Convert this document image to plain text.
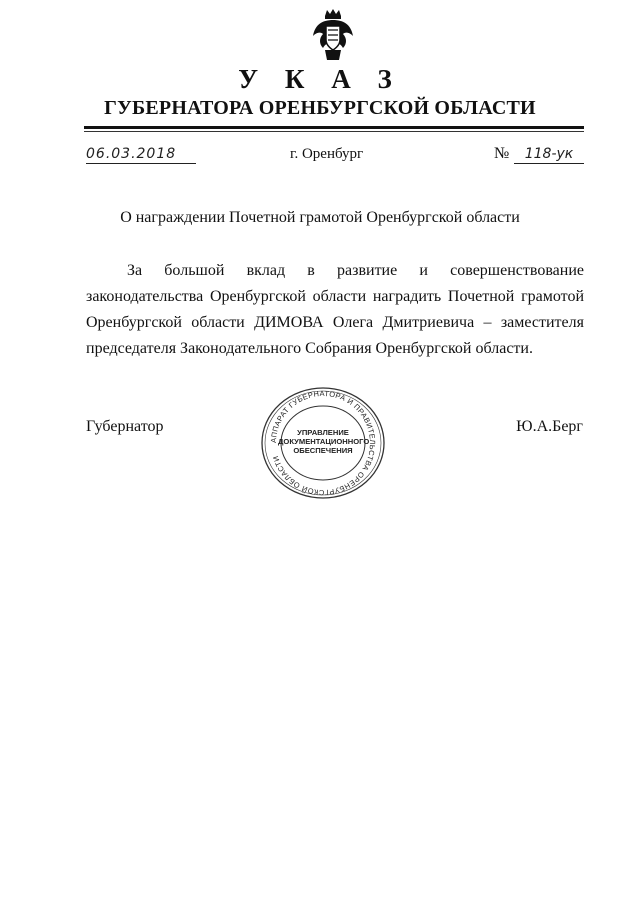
У К А З
ГУБЕРНАТОРА ОРЕНБУРГСКОЙ ОБЛАСТИ
06.03.2018	г. Оренбург	№	118-ук
О награждении Почетной грамотой Оренбургской области

За большой вклад в развитие и совершенствование законодательства Оренбургской области наградить Почетной грамотой Оренбургской области ДИМОВА Олега Дмитриевича – заместителя председателя Законодательного Собрания Оренбургской области.

Губернатор	Ю.А.Берг
АППАРАТ ГУБЕРНАТОРА И ПРАВИТЕЛЬСТВА ОРЕНБУРГСКОЙ ОБЛАСТИ
УПРАВЛЕНИЕ
ДОКУМЕНТАЦИОННОГО
ОБЕСПЕЧЕНИЯ
